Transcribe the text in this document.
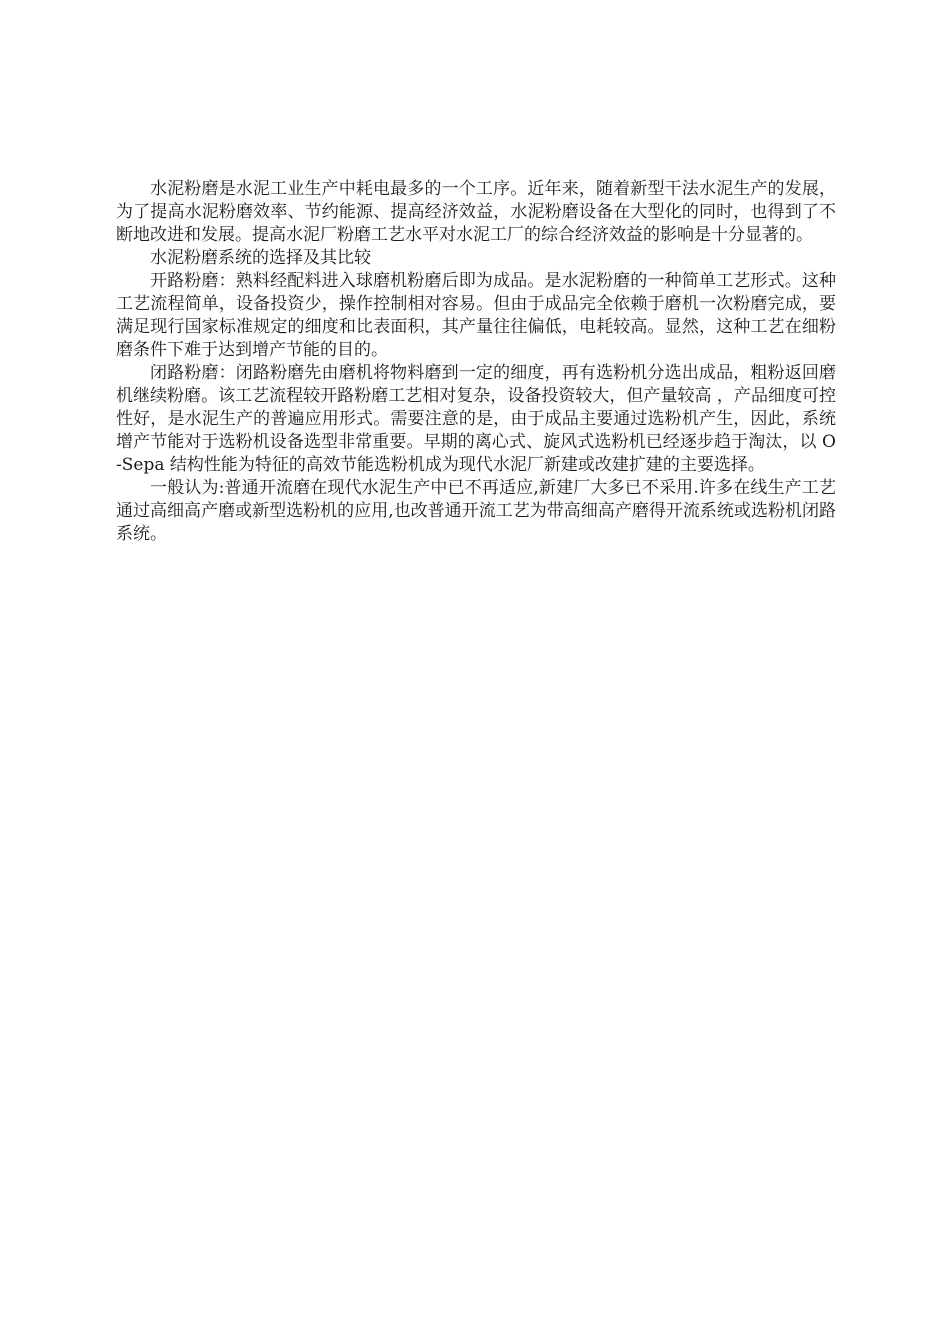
水泥粉磨是水泥工业生产中耗电最多的一个工序。近年来，随着新型干法水泥生产的发展，为了提高水泥粉磨效率、节约能源、提高经济效益，水泥粉磨设备在大型化的同时，也得到了不断地改进和发展。提高水泥厂粉磨工艺水平对水泥工厂的综合经济效益的影响是十分显著的。

水泥粉磨系统的选择及其比较

开路粉磨：熟料经配料进入球磨机粉磨后即为成品。是水泥粉磨的一种简单工艺形式。这种工艺流程简单，设备投资少，操作控制相对容易。但由于成品完全依赖于磨机一次粉磨完成，要满足现行国家标准规定的细度和比表面积，其产量往往偏低，电耗较高。显然，这种工艺在细粉磨条件下难于达到增产节能的目的。

闭路粉磨：闭路粉磨先由磨机将物料磨到一定的细度，再有选粉机分选出成品，粗粉返回磨机继续粉磨。该工艺流程较开路粉磨工艺相对复杂，设备投资较大，但产量较高 ，产品细度可控性好，是水泥生产的普遍应用形式。需要注意的是，由于成品主要通过选粉机产生，因此，系统增产节能对于选粉机设备选型非常重要。早期的离心式、旋风式选粉机已经逐步趋于淘汰，以 O-Sepa 结构性能为特征的高效节能选粉机成为现代水泥厂新建或改建扩建的主要选择。

一般认为:普通开流磨在现代水泥生产中已不再适应,新建厂大多已不采用.许多在线生产工艺通过高细高产磨或新型选粉机的应用,也改普通开流工艺为带高细高产磨得开流系统或选粉机闭路系统。
